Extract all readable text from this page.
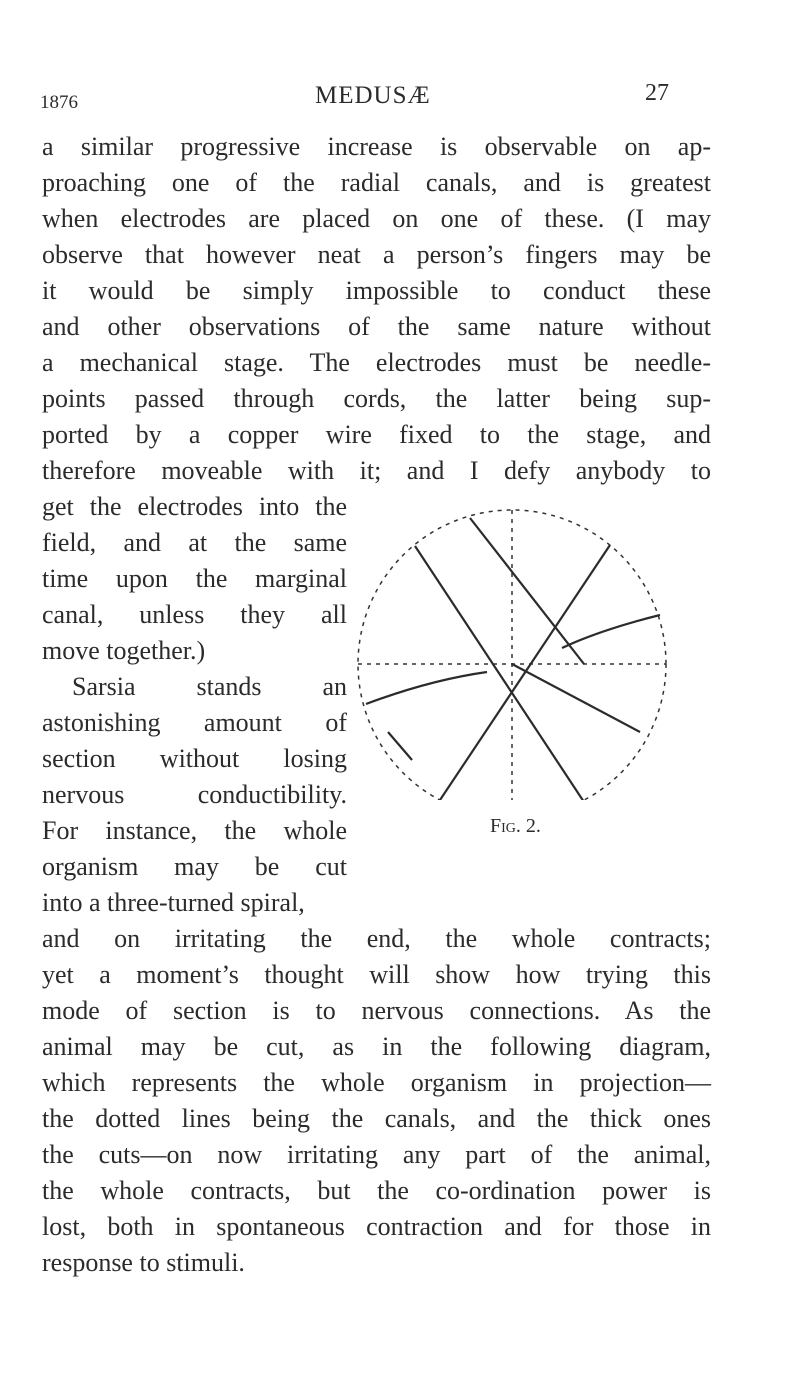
1876	MEDUSÆ	27
a similar progressive increase is observable on ap-
proaching one of the radial canals, and is greatest
when electrodes are placed on one of these. (I may
observe that however neat a person’s fingers may be
it would be simply impossible to conduct these
and other observations of the same nature without
a mechanical stage. The electrodes must be needle-
points passed through cords, the latter being sup-
ported by a copper wire fixed to the stage, and
therefore moveable with it; and I defy anybody to
get the electrodes into the
field, and at the same
time upon the marginal
canal, unless they all
move together.)
Sarsia stands an
astonishing amount of
section without losing
nervous conductibility.
For instance, the whole
organism may be cut
into a three-turned spiral,
and on irritating the end, the whole contracts;
yet a moment’s thought will show how trying this
mode of section is to nervous connections. As the
animal may be cut, as in the following diagram,
which represents the whole organism in projection—
the dotted lines being the canals, and the thick ones
the cuts—on now irritating any part of the animal,
the whole contracts, but the co-ordination power is
lost, both in spontaneous contraction and for those in
response to stimuli.
Fig. 2.
